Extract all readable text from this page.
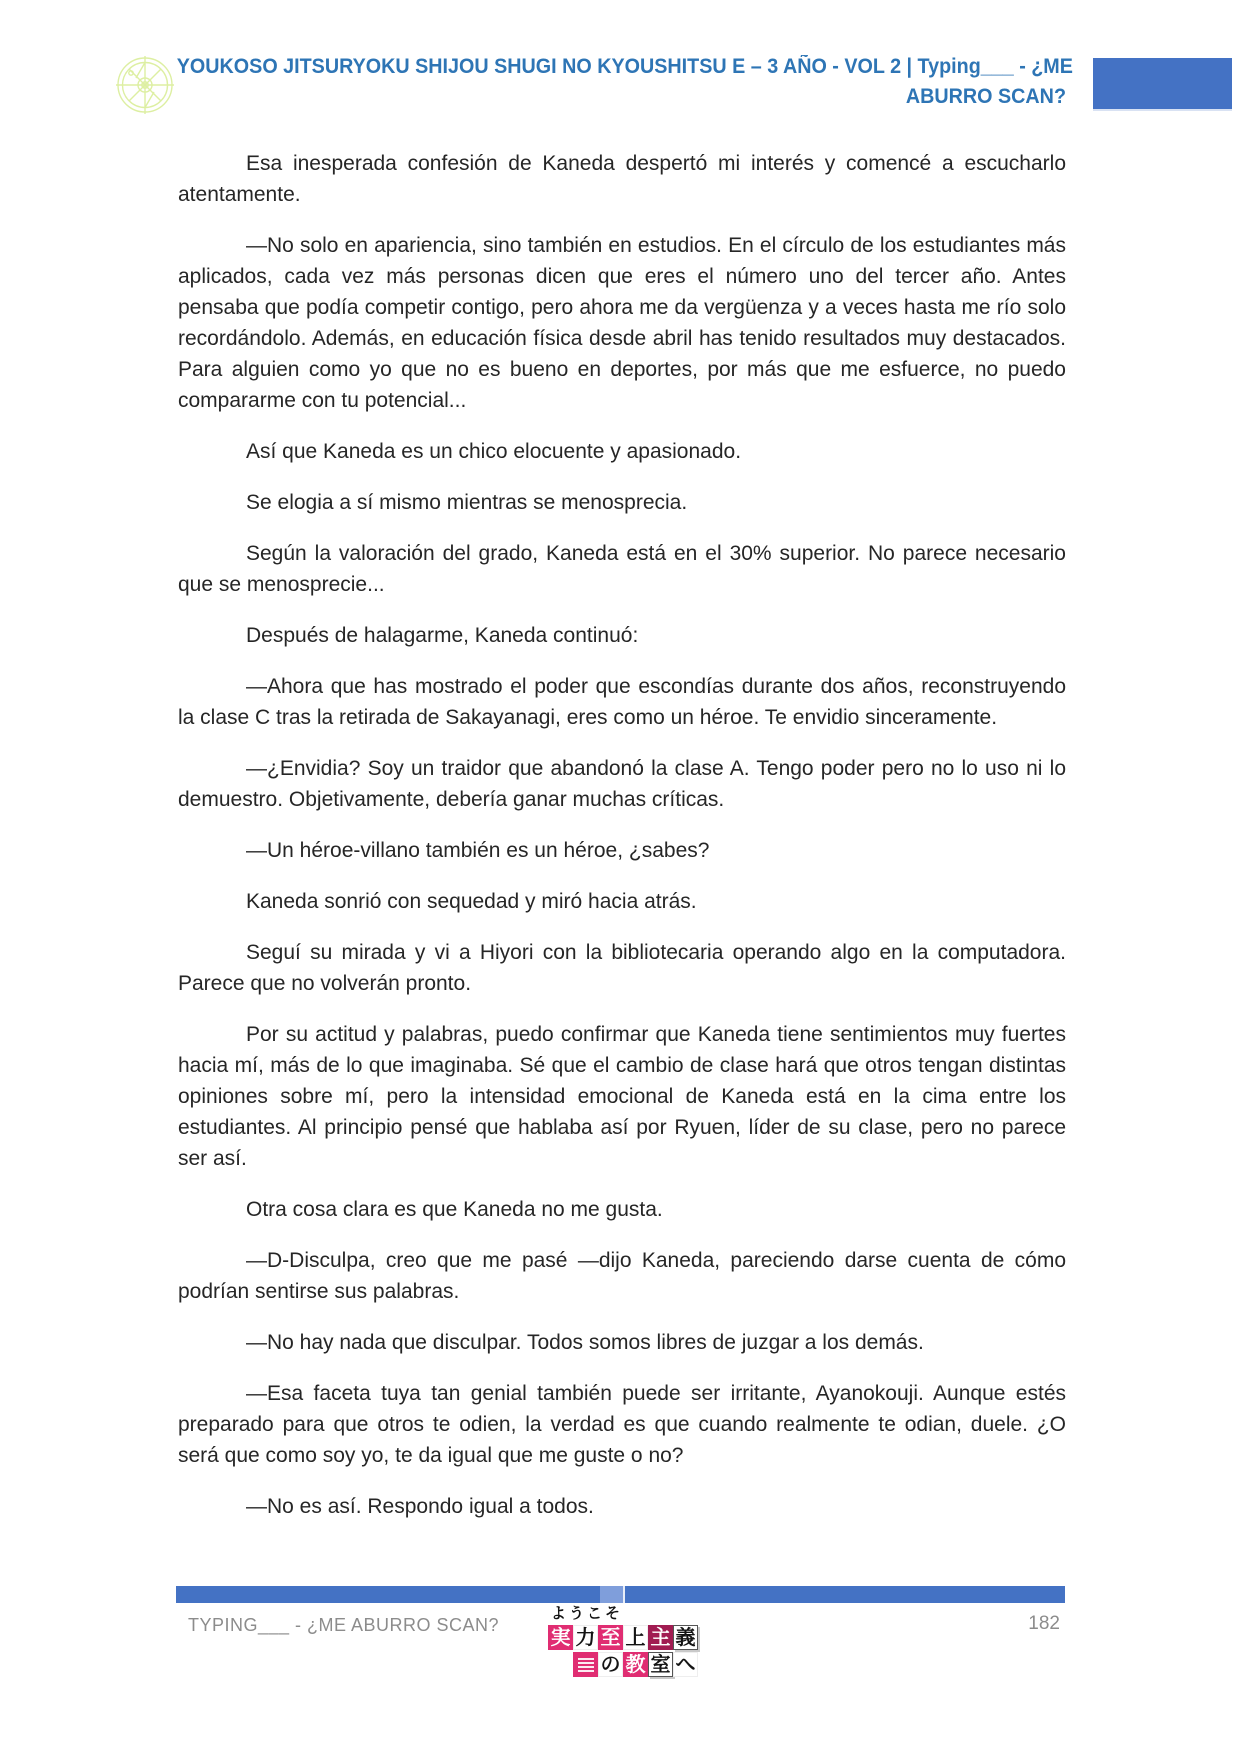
YOUKOSO JITSURYOKU SHIJOU SHUGI NO KYOUSHITSU E – 3 AÑO - VOL 2 | Typing___ - ¿ME
ABURRO SCAN?

Esa inesperada confesión de Kaneda despertó mi interés y comencé a escucharlo atentamente.

—No solo en apariencia, sino también en estudios. En el círculo de los estudiantes más aplicados, cada vez más personas dicen que eres el número uno del tercer año. Antes pensaba que podía competir contigo, pero ahora me da vergüenza y a veces hasta me río solo recordándolo. Además, en educación física desde abril has tenido resultados muy destacados. Para alguien como yo que no es bueno en deportes, por más que me esfuerce, no puedo compararme con tu potencial...

Así que Kaneda es un chico elocuente y apasionado.

Se elogia a sí mismo mientras se menosprecia.

Según la valoración del grado, Kaneda está en el 30% superior. No parece necesario que se menosprecie...

Después de halagarme, Kaneda continuó:

—Ahora que has mostrado el poder que escondías durante dos años, reconstruyendo la clase C tras la retirada de Sakayanagi, eres como un héroe. Te envidio sinceramente.

—¿Envidia? Soy un traidor que abandonó la clase A. Tengo poder pero no lo uso ni lo demuestro. Objetivamente, debería ganar muchas críticas.

—Un héroe-villano también es un héroe, ¿sabes?

Kaneda sonrió con sequedad y miró hacia atrás.

Seguí su mirada y vi a Hiyori con la bibliotecaria operando algo en la computadora. Parece que no volverán pronto.

Por su actitud y palabras, puedo confirmar que Kaneda tiene sentimientos muy fuertes hacia mí, más de lo que imaginaba. Sé que el cambio de clase hará que otros tengan distintas opiniones sobre mí, pero la intensidad emocional de Kaneda está en la cima entre los estudiantes. Al principio pensé que hablaba así por Ryuen, líder de su clase, pero no parece ser así.

Otra cosa clara es que Kaneda no me gusta.

—D-Disculpa, creo que me pasé —dijo Kaneda, pareciendo darse cuenta de cómo podrían sentirse sus palabras.

—No hay nada que disculpar. Todos somos libres de juzgar a los demás.

—Esa faceta tuya tan genial también puede ser irritante, Ayanokouji. Aunque estés preparado para que otros te odien, la verdad es que cuando realmente te odian, duele. ¿O será que como soy yo, te da igual que me guste o no?

—No es así. Respondo igual a todos.

TYPING___ - ¿ME ABURRO SCAN?
ようこそ
実 力 至 上 主 義
の 教 室 へ
182
